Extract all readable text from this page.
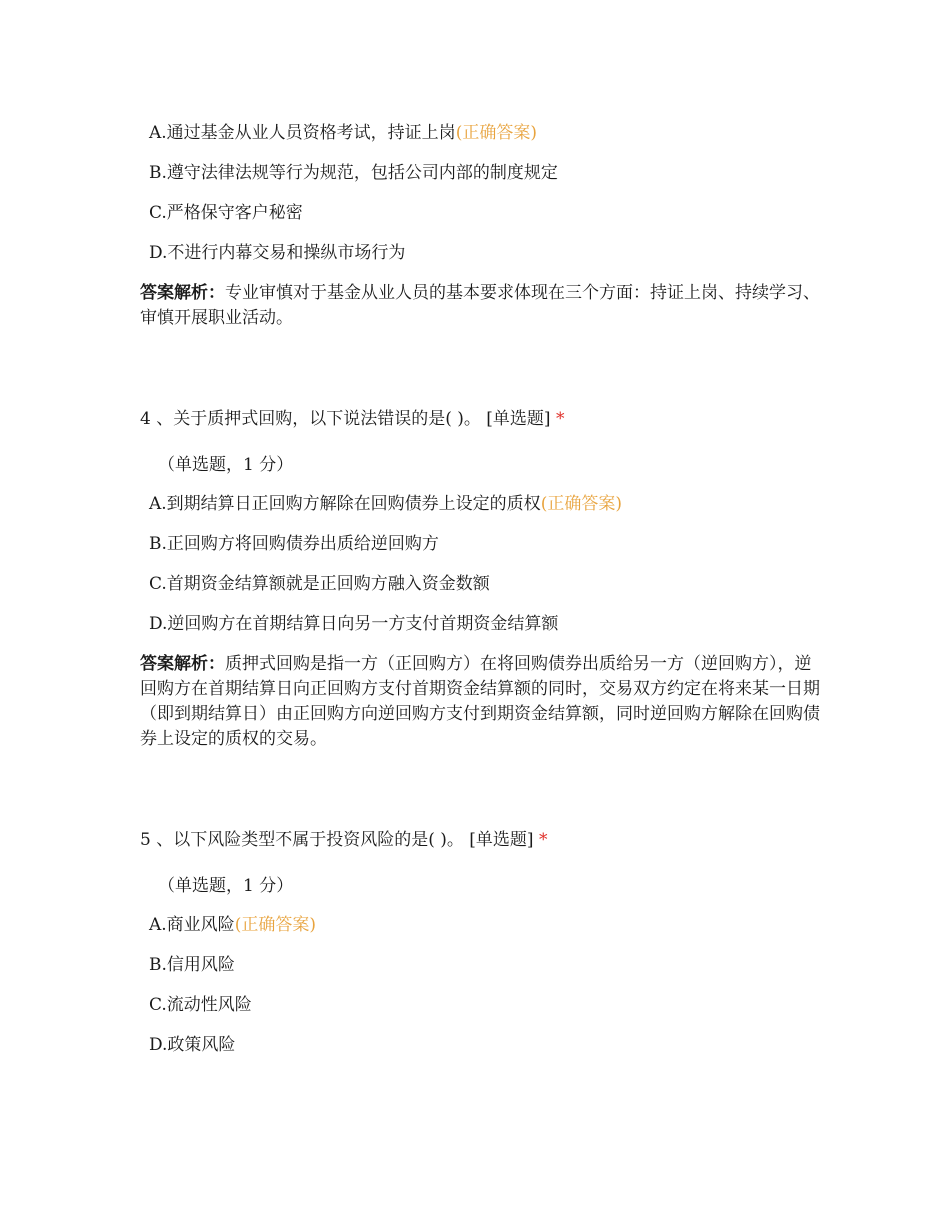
A.通过基金从业人员资格考试，持证上岗(正确答案)
B.遵守法律法规等行为规范，包括公司内部的制度规定
C.严格保守客户秘密
D.不进行内幕交易和操纵市场行为
答案解析：专业审慎对于基金从业人员的基本要求体现在三个方面：持证上岗、持续学习、审慎开展职业活动。
4 、关于质押式回购，以下说法错误的是( )。 [单选题] *
（单选题，1 分）
A.到期结算日正回购方解除在回购债券上设定的质权(正确答案)
B.正回购方将回购债券出质给逆回购方
C.首期资金结算额就是正回购方融入资金数额
D.逆回购方在首期结算日向另一方支付首期资金结算额
答案解析：质押式回购是指一方（正回购方）在将回购债券出质给另一方（逆回购方），逆回购方在首期结算日向正回购方支付首期资金结算额的同时，交易双方约定在将来某一日期（即到期结算日）由正回购方向逆回购方支付到期资金结算额，同时逆回购方解除在回购债券上设定的质权的交易。
5 、以下风险类型不属于投资风险的是( )。 [单选题] *
（单选题，1 分）
A.商业风险(正确答案)
B.信用风险
C.流动性风险
D.政策风险
